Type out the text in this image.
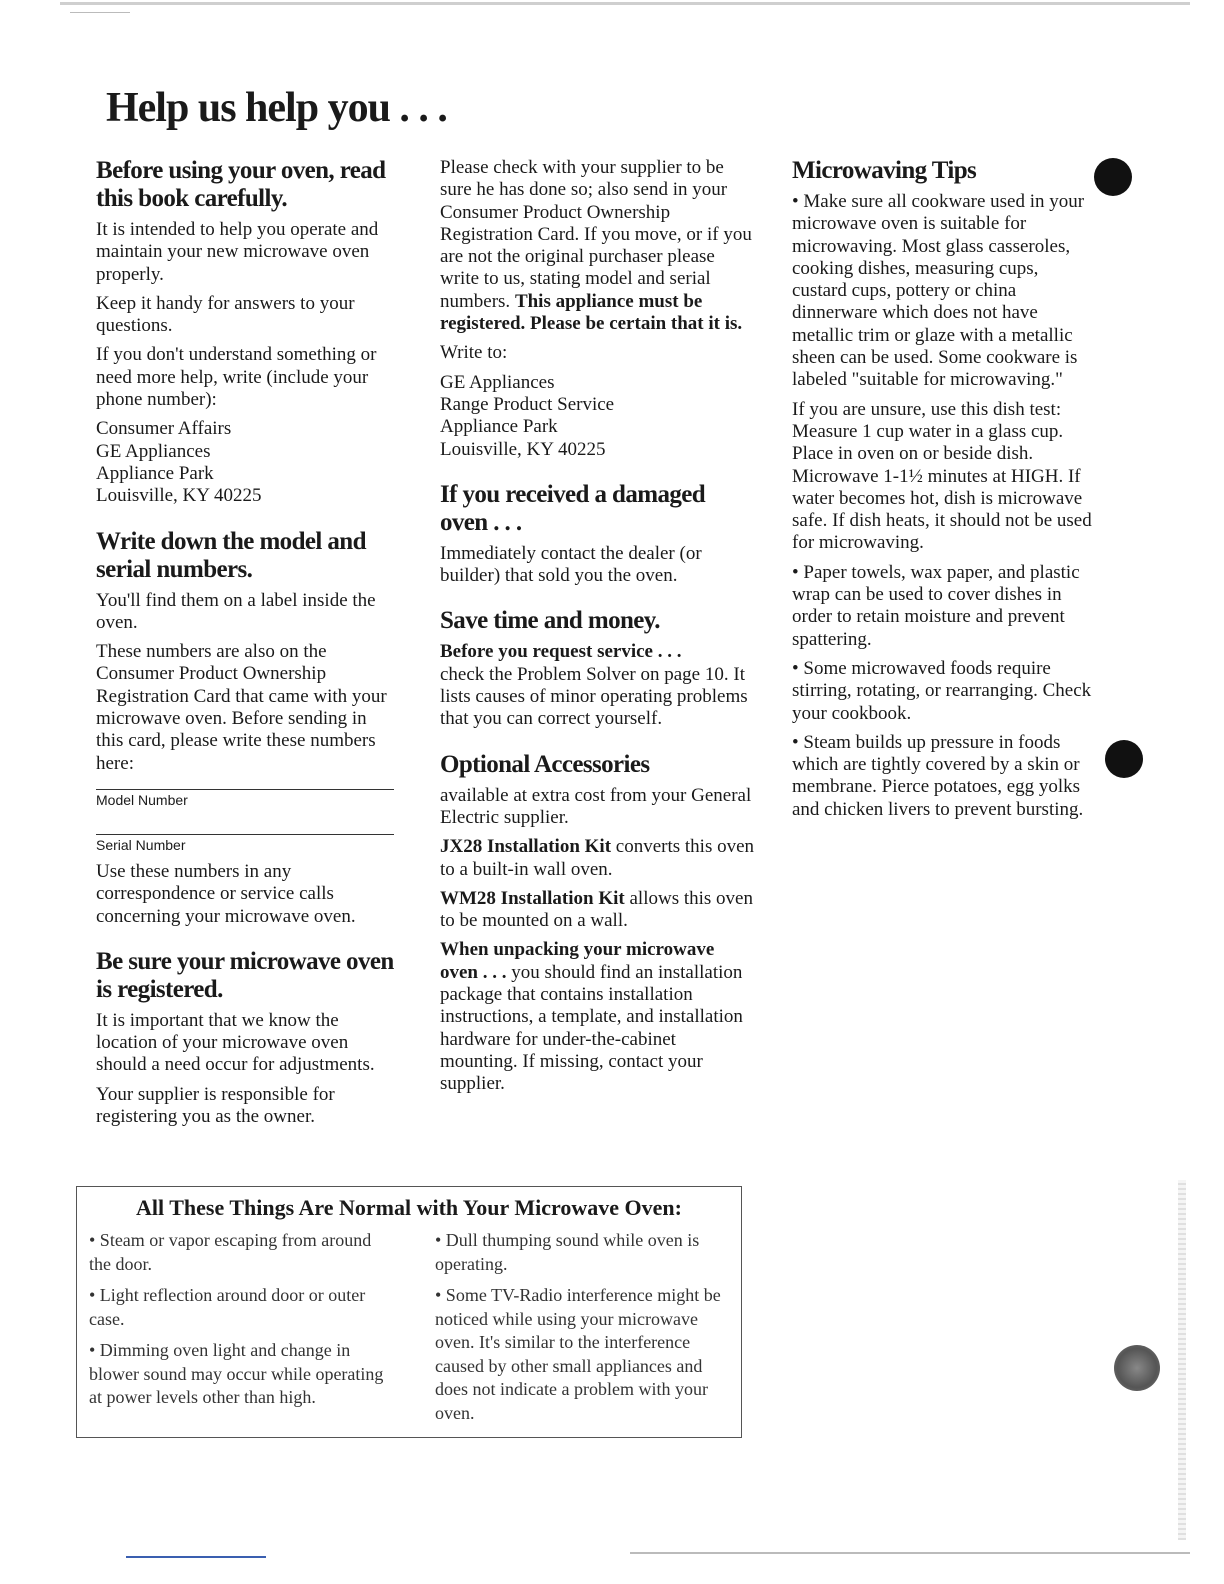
Help us help you . . .
Before using your oven, read this book carefully.

It is intended to help you operate and maintain your new microwave oven properly.

Keep it handy for answers to your questions.

If you don't understand something or need more help, write (include your phone number):

Consumer Affairs
GE Appliances
Appliance Park
Louisville, KY 40225
Write down the model and serial numbers.

You'll find them on a label inside the oven.

These numbers are also on the Consumer Product Ownership Registration Card that came with your microwave oven. Before sending in this card, please write these numbers here:

Model Number
Serial Number

Use these numbers in any correspondence or service calls concerning your microwave oven.

Be sure your microwave oven is registered.

It is important that we know the location of your microwave oven should a need occur for adjustments.

Your supplier is responsible for registering you as the owner.

Please check with your supplier to be sure he has done so; also send in your Consumer Product Ownership Registration Card. If you move, or if you are not the original purchaser please write to us, stating model and serial numbers. This appliance must be registered. Please be certain that it is.

Write to:

GE Appliances
Range Product Service
Appliance Park
Louisville, KY 40225
If you received a damaged oven . . .

Immediately contact the dealer (or builder) that sold you the oven.

Save time and money.

Before you request service . . .
check the Problem Solver on page 10. It lists causes of minor operating problems that you can correct yourself.

Optional Accessories

available at extra cost from your General Electric supplier.

JX28 Installation Kit converts this oven to a built-in wall oven.

WM28 Installation Kit allows this oven to be mounted on a wall.

When unpacking your microwave oven . . . you should find an installation package that contains installation instructions, a template, and installation hardware for under-the-cabinet mounting. If missing, contact your supplier.

Microwaving Tips

• Make sure all cookware used in your microwave oven is suitable for microwaving. Most glass casseroles, cooking dishes, measuring cups, custard cups, pottery or china dinnerware which does not have metallic trim or glaze with a metallic sheen can be used. Some cookware is labeled "suitable for microwaving."

If you are unsure, use this dish test: Measure 1 cup water in a glass cup. Place in oven on or beside dish. Microwave 1-1½ minutes at HIGH. If water becomes hot, dish is microwave safe. If dish heats, it should not be used for microwaving.

• Paper towels, wax paper, and plastic wrap can be used to cover dishes in order to retain moisture and prevent spattering.

• Some microwaved foods require stirring, rotating, or rearranging. Check your cookbook.

• Steam builds up pressure in foods which are tightly covered by a skin or membrane. Pierce potatoes, egg yolks and chicken livers to prevent bursting.

All These Things Are Normal with Your Microwave Oven:

• Steam or vapor escaping from around the door.

• Light reflection around door or outer case.

• Dimming oven light and change in blower sound may occur while operating at power levels other than high.

• Dull thumping sound while oven is operating.

• Some TV-Radio interference might be noticed while using your microwave oven. It's similar to the interference caused by other small appliances and does not indicate a problem with your oven.
